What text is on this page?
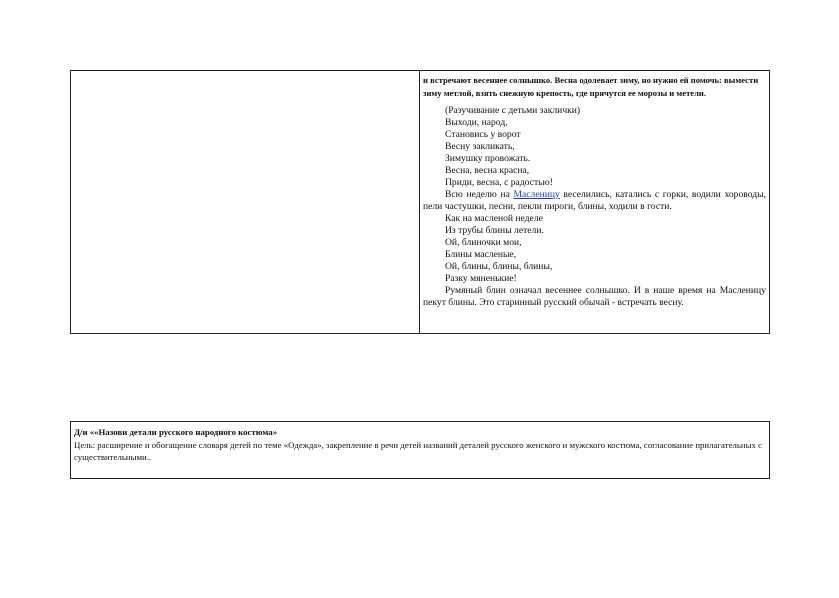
и встречают весеннее солнышко. Весна одолевает зиму, но нужно ей помочь: вымести зиму метлой, взять снежную крепость, где прячутся ее морозы и метели.
(Разучивание с детьми заклички)
Выходи, народ,
Становись у ворот
Весну закликать,
Зимушку провожать.
Весна, весна красна,
Приди, весна, с радостью!
Всю неделю на Масленицу веселились, катались с горки, водили хороводы, пели частушки, песни, пекли пироги, блины, ходили в гости.
Как на масленой неделе
Из трубы блины летели.
Ой, блиночки мои,
Блины масленые,
Ой, блины, блины, блины,
Разку мяненькие!
Румяный блин означал весеннее солнышко. И в наше время на Масленицу пекут блины. Это старинный русский обычай - встречать весну.
Д/и ««Назови детали русского народного костюма»
Цель: расширение и обогащение словаря детей по теме «Одежда», закрепление в речи детей названий деталей русского женского и мужского костюма, согласование прилагательных с существительными..
